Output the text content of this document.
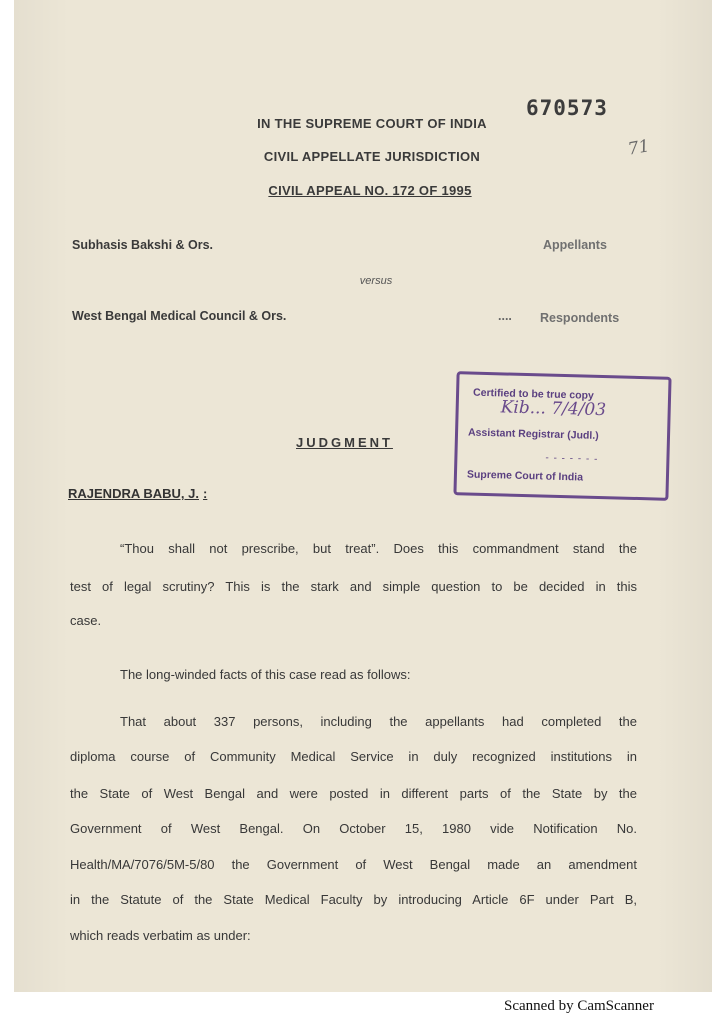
670573
71
IN THE SUPREME COURT OF INDIA
CIVIL APPELLATE JURISDICTION
CIVIL APPEAL NO. 172 OF 1995
Subhasis Bakshi & Ors.	Appellants
versus
West Bengal Medical Council & Ors.	.... Respondents
Certified to be true copy
Kib... 7/4/03
Assistant Registrar (Judl.)
- - - - - - -
Supreme Court of India
JUDGMENT
RAJENDRA BABU, J. :
“Thou shall not prescribe, but treat”. Does this commandment stand the
test of legal scrutiny? This is the stark and simple question to be decided in this
case.
The long-winded facts of this case read as follows:
That about 337 persons, including the appellants had completed the
diploma course of Community Medical Service in duly recognized institutions in
the State of West Bengal and were posted in different parts of the State by the
Government of West Bengal. On October 15, 1980 vide Notification No.
Health/MA/7076/5M-5/80 the Government of West Bengal made an amendment
in the Statute of the State Medical Faculty by introducing Article 6F under Part B,
which reads verbatim as under:
Scanned by CamScanner
